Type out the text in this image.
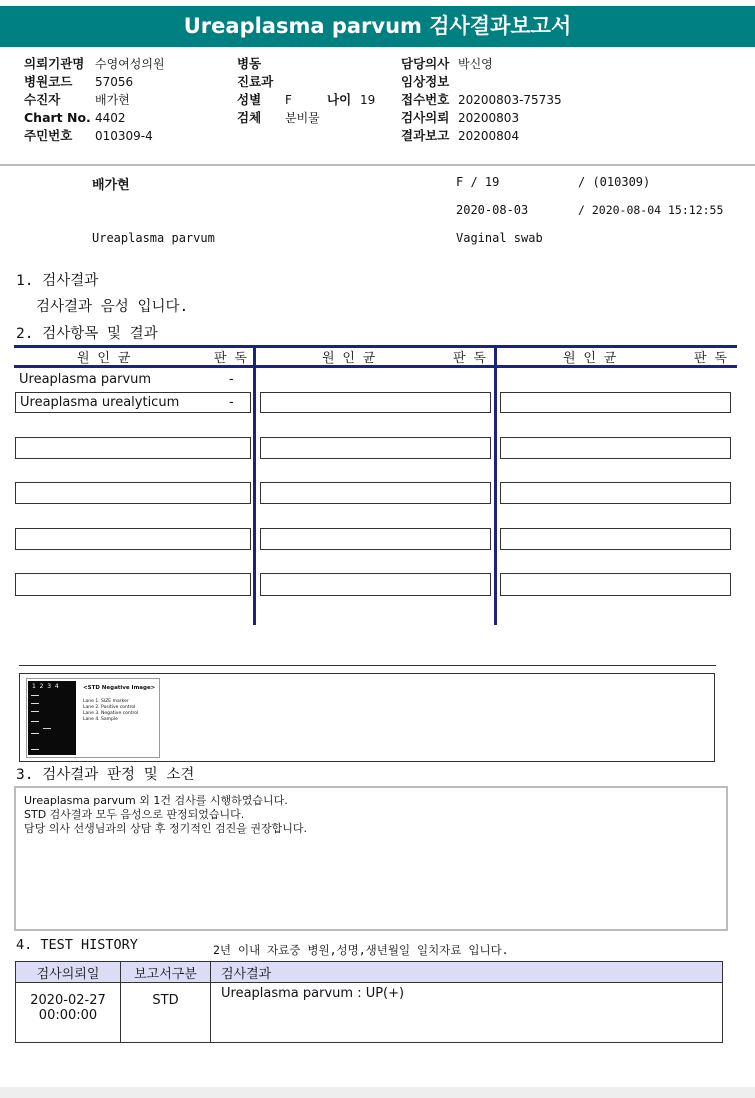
Ureaplasma parvum 검사결과보고서
의뢰기관명 수영여성의원
병원코드 57056
수진자	배가현
Chart No. 4402
주민번호 010309-4
병동
진료과
성별 F	나이 19
검체 분비물
담당의사 박신영
임상정보
접수번호 20200803-75735
검사의뢰 20200803
결과보고 20200804
배가현	F / 19	/ (010309)
2020-08-03	/ 2020-08-04 15:12:55
Ureaplasma parvum	Vaginal swab
1. 검사결과
검사결과 음성 입니다.
2. 검사항목 및 결과
원 인 균	판 독	원 인 균	판 독	원 인 균	판 독
Ureaplasma parvum	-
Ureaplasma urealyticum	-
1  2  3  4	<STD Negative Image>
Lane 1. SIZE marker
Lane 2. Positive control
Lane 3. Negative control
Lane 4. Sample
3. 검사결과 판정 및 소견
Ureaplasma parvum 외 1건 검사를 시행하였습니다.
STD 검사결과 모두 음성으로 판정되었습니다.
담당 의사 선생님과의 상담 후 정기적인 검진을 권장합니다.
4. TEST HISTORY	2년 이내 자료중 병원,성명,생년월일 일치자료 입니다.
검사의뢰일	보고서구분	검사결과

2020-02-27
00:00:00	STD	Ureaplasma parvum : UP(+)
